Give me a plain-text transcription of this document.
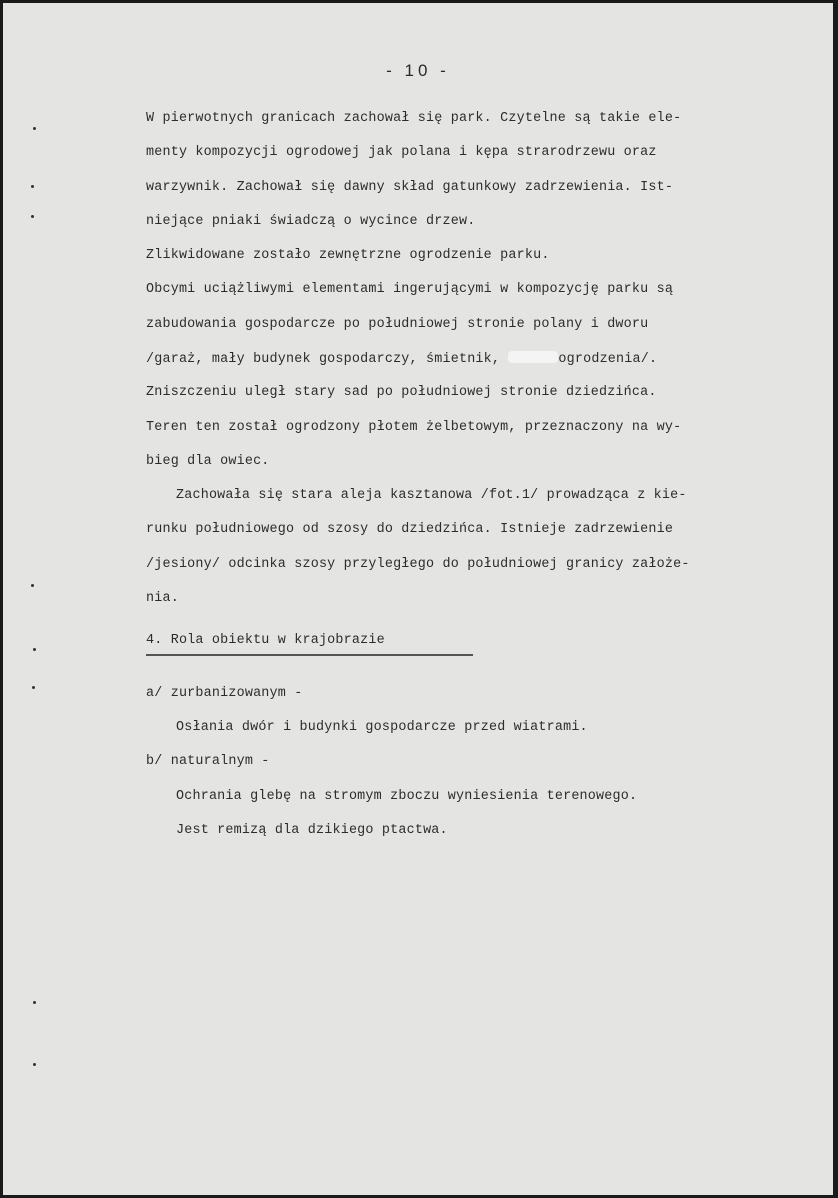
- 10 -
W pierwotnych granicach zachował się park. Czytelne są takie ele-
menty kompozycji ogrodowej jak polana i kępa strarodrzewu oraz
warzywnik. Zachował się dawny skład gatunkowy zadrzewienia. Ist-
niejące pniaki świadczą o wycince drzew.
Zlikwidowane zostało zewnętrzne ogrodzenie parku.
Obcymi uciążliwymi elementami ingerującymi w kompozycję parku są
zabudowania gospodarcze po południowej stronie polany i dworu
/garaż, mały budynek gospodarczy, śmietnik,	ogrodzenia/.
Zniszczeniu uległ stary sad po południowej stronie dziedzińca.
Teren ten został ogrodzony płotem żelbetowym, przeznaczony na wy-
bieg dla owiec.
Zachowała się stara aleja kasztanowa /fot.1/ prowadząca z kie-
runku południowego od szosy do dziedzińca. Istnieje zadrzewienie
/jesiony/ odcinka szosy przyległego do południowej granicy założe-
nia.
4. Rola obiektu w krajobrazie
a/ zurbanizowanym -
Osłania dwór i budynki gospodarcze przed wiatrami.
b/ naturalnym -
Ochrania glebę na stromym zboczu wyniesienia terenowego.
Jest remizą dla dzikiego ptactwa.
